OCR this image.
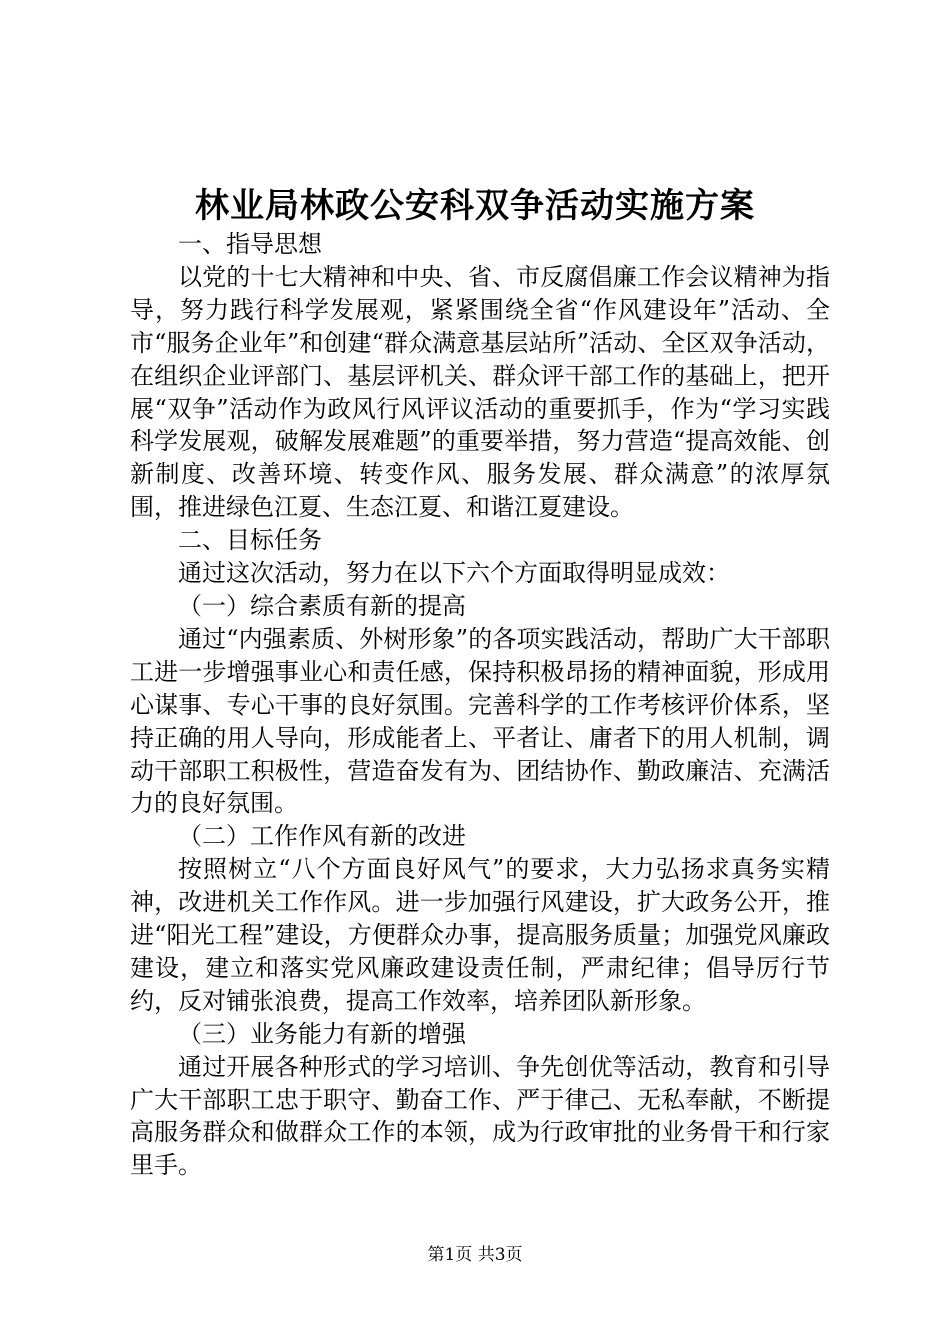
林业局林政公安科双争活动实施方案

一、指导思想

以党的十七大精神和中央、省、市反腐倡廉工作会议精神为指导，努力践行科学发展观，紧紧围绕全省“作风建设年”活动、全市“服务企业年”和创建“群众满意基层站所”活动、全区双争活动，在组织企业评部门、基层评机关、群众评干部工作的基础上，把开展“双争”活动作为政风行风评议活动的重要抓手，作为“学习实践科学发展观，破解发展难题”的重要举措，努力营造“提高效能、创新制度、改善环境、转变作风、服务发展、群众满意”的浓厚氛围，推进绿色江夏、生态江夏、和谐江夏建设。

二、目标任务

通过这次活动，努力在以下六个方面取得明显成效：

（一）综合素质有新的提高

通过“内强素质、外树形象”的各项实践活动，帮助广大干部职工进一步增强事业心和责任感，保持积极昂扬的精神面貌，形成用心谋事、专心干事的良好氛围。完善科学的工作考核评价体系，坚持正确的用人导向，形成能者上、平者让、庸者下的用人机制，调动干部职工积极性，营造奋发有为、团结协作、勤政廉洁、充满活力的良好氛围。

（二）工作作风有新的改进

按照树立“八个方面良好风气”的要求，大力弘扬求真务实精神，改进机关工作作风。进一步加强行风建设，扩大政务公开，推进“阳光工程”建设，方便群众办事，提高服务质量；加强党风廉政建设，建立和落实党风廉政建设责任制，严肃纪律；倡导厉行节约，反对铺张浪费，提高工作效率，培养团队新形象。

（三）业务能力有新的增强

通过开展各种形式的学习培训、争先创优等活动，教育和引导广大干部职工忠于职守、勤奋工作、严于律己、无私奉献，不断提高服务群众和做群众工作的本领，成为行政审批的业务骨干和行家里手。

第1页 共3页
